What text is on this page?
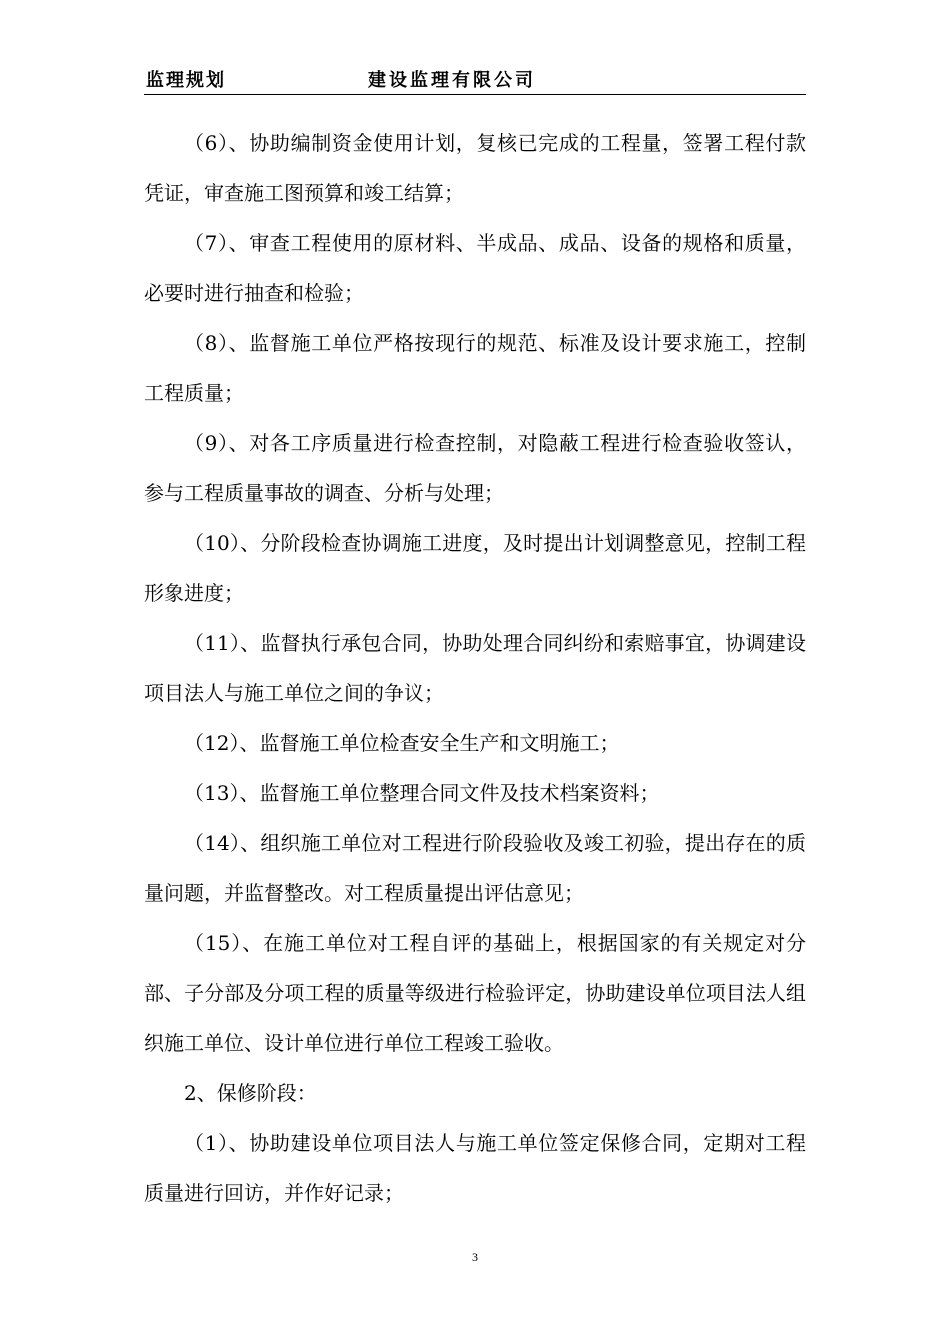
监理规划	建设监理有限公司

（6）、协助编制资金使用计划，复核已完成的工程量，签署工程付款凭证，审查施工图预算和竣工结算；

（7）、审查工程使用的原材料、半成品、成品、设备的规格和质量，必要时进行抽查和检验；

（8）、监督施工单位严格按现行的规范、标准及设计要求施工，控制工程质量；

（9）、对各工序质量进行检查控制，对隐蔽工程进行检查验收签认，参与工程质量事故的调查、分析与处理；

（10）、分阶段检查协调施工进度，及时提出计划调整意见，控制工程形象进度；

（11）、监督执行承包合同，协助处理合同纠纷和索赔事宜，协调建设项目法人与施工单位之间的争议；

（12）、监督施工单位检查安全生产和文明施工；

（13）、监督施工单位整理合同文件及技术档案资料；

（14）、组织施工单位对工程进行阶段验收及竣工初验，提出存在的质量问题，并监督整改。对工程质量提出评估意见；

（15）、在施工单位对工程自评的基础上，根据国家的有关规定对分部、子分部及分项工程的质量等级进行检验评定，协助建设单位项目法人组织施工单位、设计单位进行单位工程竣工验收。

2、保修阶段：

（1）、协助建设单位项目法人与施工单位签定保修合同，定期对工程质量进行回访，并作好记录；

3
